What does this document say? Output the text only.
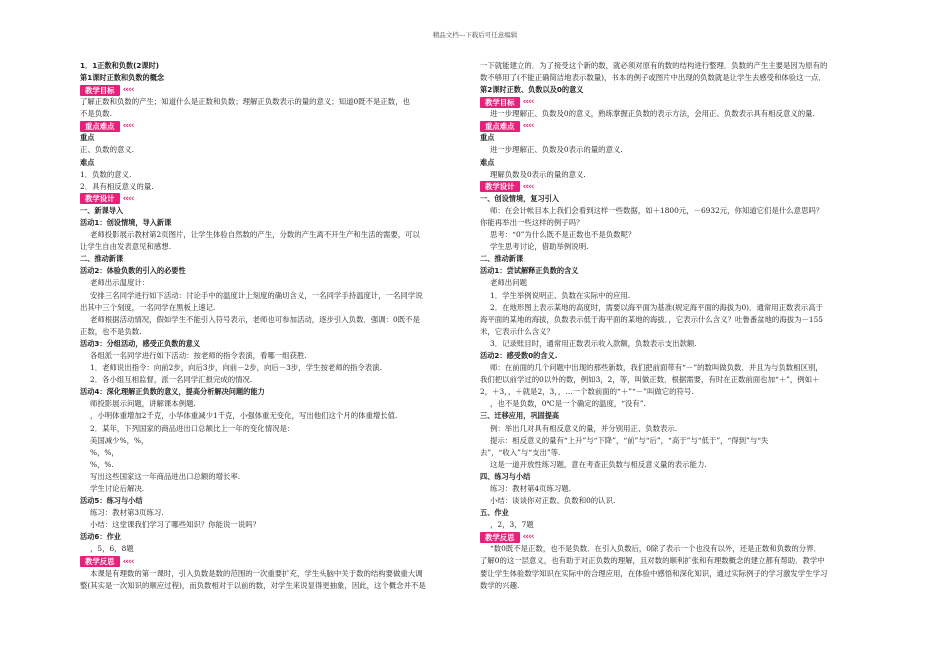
精品文档---下载后可任意编辑
1．1正数和负数(2课时)
第1课时正数和负数的概念
教学目标 ‹‹‹‹
了解正数和负数的产生；知道什么是正数和负数；理解正负数表示的量的意义；知道0既不是正数，也
不是负数.
重点难点 ‹‹‹‹
重点
正、负数的意义.
难点
1．负数的意义.
2．具有相反意义的量.
教学设计 ‹‹‹‹
一、新课导入
活动1：创设情境，导入新课
老师投影展示教材第2页图片，让学生体验自然数的产生，分数的产生离不开生产和生活的需要，可以
让学生自由发表意见和感想.
二、推动新课
活动2：体验负数的引入的必要性
老师出示温度计：
安排三名同学进行如下活动：讨论手中的温度计上刻度的确切含义，一名同学手持温度计，一名同学说
出其中三个刻度，一名同学在黑板上速记.
老师根据活动情况，假如学生不能引入符号表示，老师也可参加活动，逐步引入负数．强调：0既不是
正数，也不是负数.
活动3：分组活动，感受正负数的意义
各组派一名同学进行如下活动：按老师的指令表演，看哪一组获胜.
1．老师说出指令：向前2步，向后3步，向前－2步，向后－3步，学生按老师的指令表演.
2．各小组互相监督，派一名同学汇报完成的情况.
活动4：深化理解正负数的意义，提高分析解决问题的能力
师投影展示问题，讲解课本例题.
，小明体重增加2千克，小华体重减少1千克，小强体重无变化，写出他们这个月的体重增长值.
2．某年，下列国家的商品进出口总额比上一年的变化情况是：
美国减少%，%，
%，%，
%，%.
写出这些国家这一年商品进出口总额的增长率.
学生讨论后解决.
活动5：练习与小结
练习：教材第3页练习.
小结：这堂课我们学习了哪些知识？你能说一说吗？
活动6：作业
，5，6，8题
教学反思 ‹‹‹‹
本课是有理数的第一课时，引入负数是数的范围的一次重要扩充，学生头脑中关于数的结构要做重大调
整(其实是一次知识的顺应过程)，而负数相对于以前的数，对学生来说显得更抽象，因此，这个概念并不是
一下就能建立的．为了接受这个新的数，就必须对原有的数的结构进行整理．负数的产生主要是因为原有的
数不够用了(不能正确简洁地表示数量)，书本的例子或图片中出现的负数就是让学生去感受和体验这一点．
第2课时正数、负数以及0的意义
教学目标 ‹‹‹‹
进一步理解正、负数及0的意义，熟练掌握正负数的表示方法，会用正、负数表示具有相反意义的量.
重点难点 ‹‹‹‹
重点
进一步理解正、负数及0表示的量的意义.
难点
理解负数及0表示的量的意义.
教学设计 ‹‹‹‹
一、创设情境，复习引入
师：在会计帐目本上我们会看到这样一些数据，如＋1800元，－6932元，你知道它们是什么意思吗？
你能再举出一些这样的例子吗？
思考：“0”为什么既不是正数也不是负数呢？
学生思考讨论，借助举例说明.
二、推动新课
活动1：尝试解释正负数的含义
老师出问题
1．学生举例说明正、负数在实际中的应用.
2．在地形图上表示某地的高度时，需要以海平面为基准(规定海平面的海拔为0)．通常用正数表示高于
海平面的某地的海拔，负数表示低于海平面的某地的海拔．，它表示什么含义？吐鲁番盆地的海拔为－155
米，它表示什么含义？
3．记录账目时，通常用正数表示收入款额，负数表示支出款额.
活动2：感受数0的含义.
师：在前面的几个问题中出现的那些新数，我们把前面带有“－”的数叫做负数．并且为与负数相区别，
我们把以前学过的0以外的数，例如3，2，等，叫做正数．根据需要，有时在正数前面也加“＋”，例如＋
2，＋3，，＋就是2，3，，…一个数前面的“＋”“－”叫做它的符号.
，也不是负数，0℃是一个确定的温度，“没有”.
三、迁移应用，巩固提高
例：举出几对具有相反意义的量，并分别用正、负数表示.
提示：相反意义的量有“上升”与“下降”，“前”与“后”，“高于”与“低于”，“得到”与“失
去”，“收入”与“支出”等.
这是一道开放性练习题，意在考查正负数与相反意义量的表示能力.
四、练习与小结
练习：教材第4页练习题.
小结：谈谈你对正数、负数和0的认识.
五、作业
，2，3，7题
教学反思 ‹‹‹‹
“数0既不是正数，也不是负数．在引入负数后，0除了表示一个也没有以外，还是正数和负数的分界．
了解0的这一层意义，也有助于对正负数的理解，且对数的顺利扩张和有理数概念的建立都有帮助．教学中
要让学生体验数学知识在实际中的合理应用，在体验中感悟和深化知识，通过实际例子的学习激发学生学习
数学的兴趣.
